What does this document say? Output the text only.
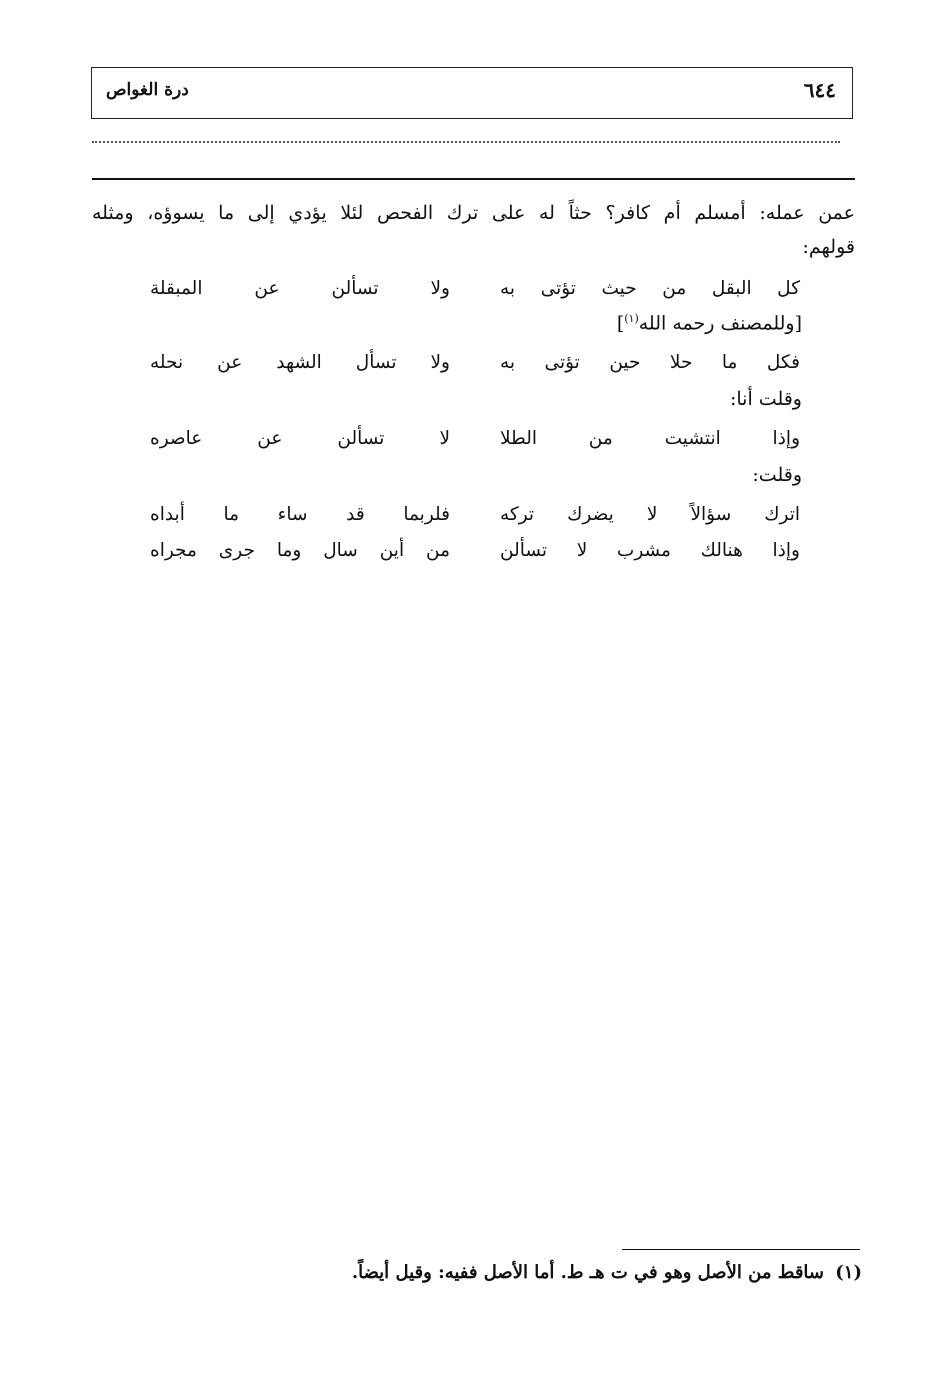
٦٤٤
درة الغواص
عمن عمله: أمسلم أم كافر؟ حثاً له على ترك الفحص لئلا يؤدي إلى ما يسوؤه، ومثله
قولهم:
كل البقل من حيث تؤتى به
ولا تسألن عن المبقلة
[وللمصنف رحمه الله$^{(١)}$]
فكل ما حلا حين تؤتى به
ولا تسأل الشهد عن نحله
وقلت أنا:
وإذا انتشيت من الطلا
لا تسألن عن عاصره
وقلت:
اترك سؤالاً لا يضرك تركه
فلربما قد ساء ما أبداه
وإذا هنالك مشرب لا تسألن
من أين سال وما جرى مجراه
(١)
ساقط من الأصل وهو في ت هـ ط. أما الأصل ففيه: وقيل أيضاً.
